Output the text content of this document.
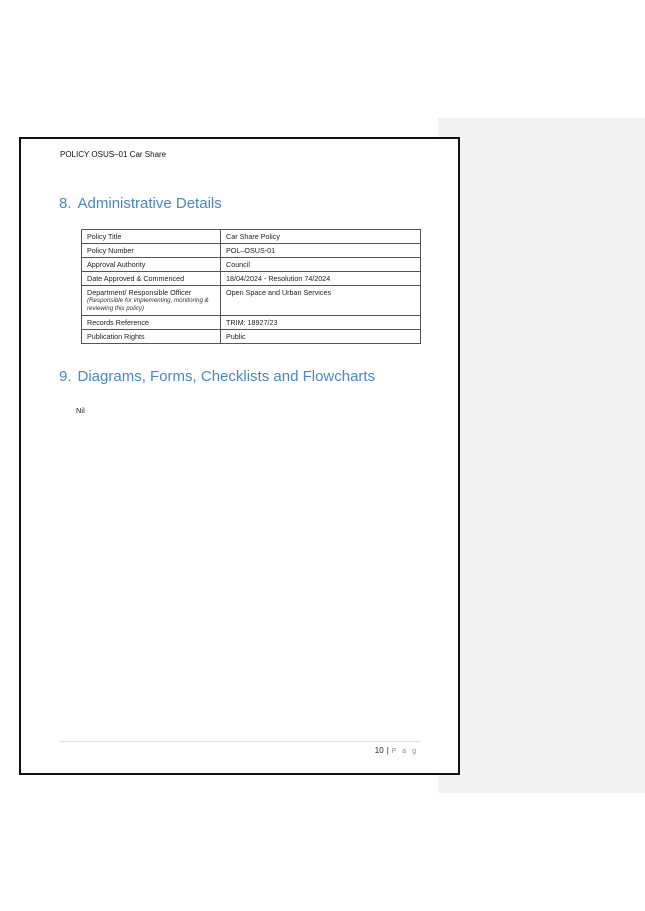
POLICY OSUS–01 Car Share
8. Administrative Details
Policy Title	Car Share Policy
Policy Number	POL–OSUS-01
Approval Authority	Council
Date Approved & Commenced	18/04/2024 - Resolution 74/2024
Department/ Responsible Officer
(Responsible for implementing, monitoring & reviewing this policy)	Open Space and Urban Services
Records Reference	TRIM: 18927/23
Publication Rights	Public
9. Diagrams, Forms, Checklists and Flowcharts
Nil
10 | P a g
